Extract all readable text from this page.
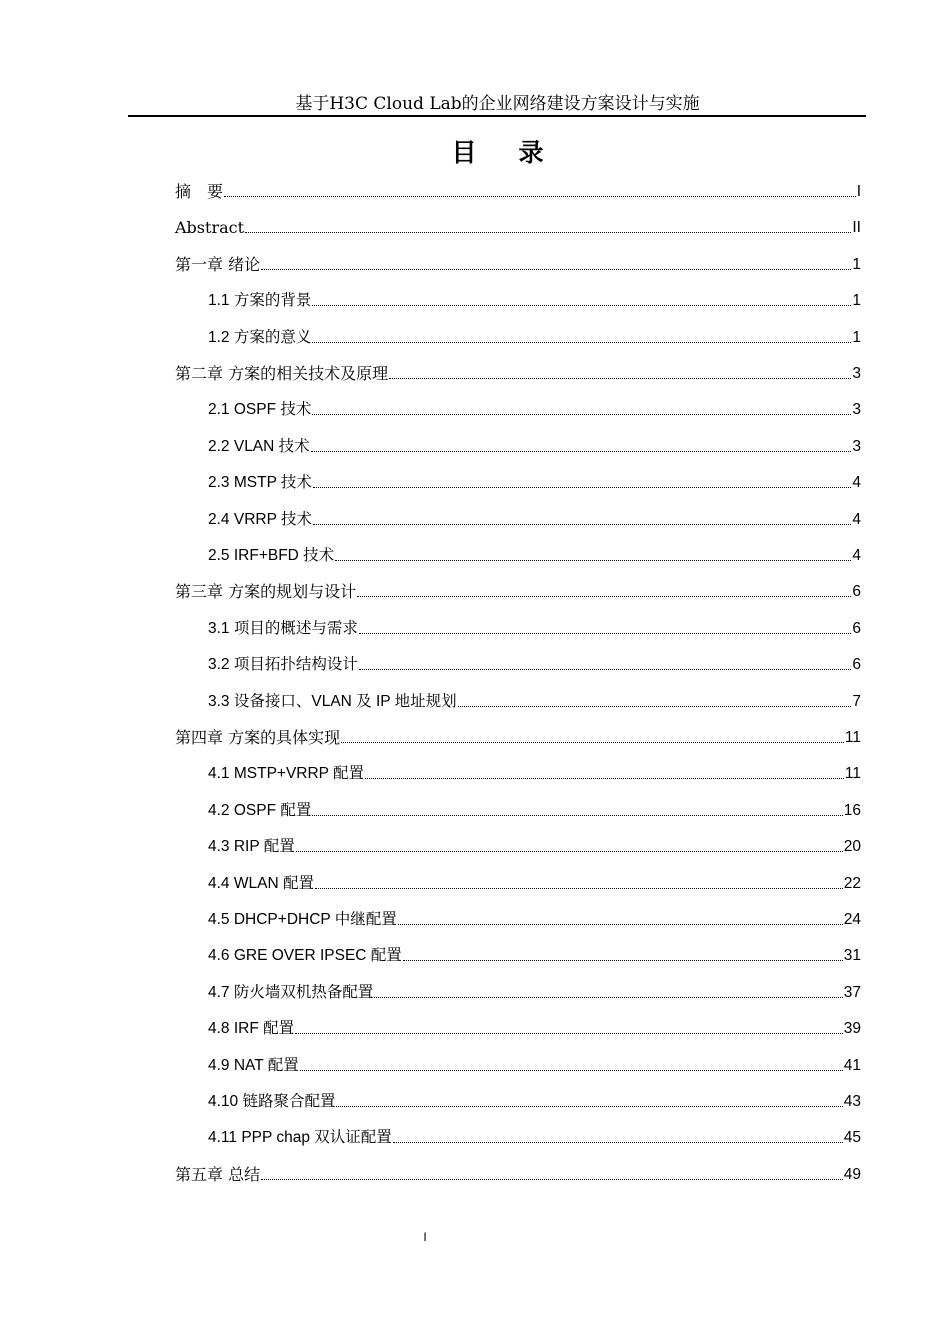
基于H3C Cloud Lab的企业网络建设方案设计与实施
目录
摘　要	I
Abstract	II
第一章 绪论	1
1.1 方案的背景	1
1.2 方案的意义	1
第二章 方案的相关技术及原理	3
2.1 OSPF 技术	3
2.2 VLAN 技术	3
2.3 MSTP 技术	4
2.4 VRRP 技术	4
2.5 IRF+BFD 技术	4
第三章 方案的规划与设计	6
3.1 项目的概述与需求	6
3.2 项目拓扑结构设计	6
3.3 设备接口、VLAN 及 IP 地址规划	7
第四章 方案的具体实现	11
4.1 MSTP+VRRP 配置	11
4.2 OSPF 配置	16
4.3 RIP 配置	20
4.4 WLAN 配置	22
4.5 DHCP+DHCP 中继配置	24
4.6 GRE OVER IPSEC 配置	31
4.7 防火墙双机热备配置	37
4.8 IRF 配置	39
4.9 NAT 配置	41
4.10 链路聚合配置	43
4.11 PPP chap 双认证配置	45
第五章 总结	49
I
